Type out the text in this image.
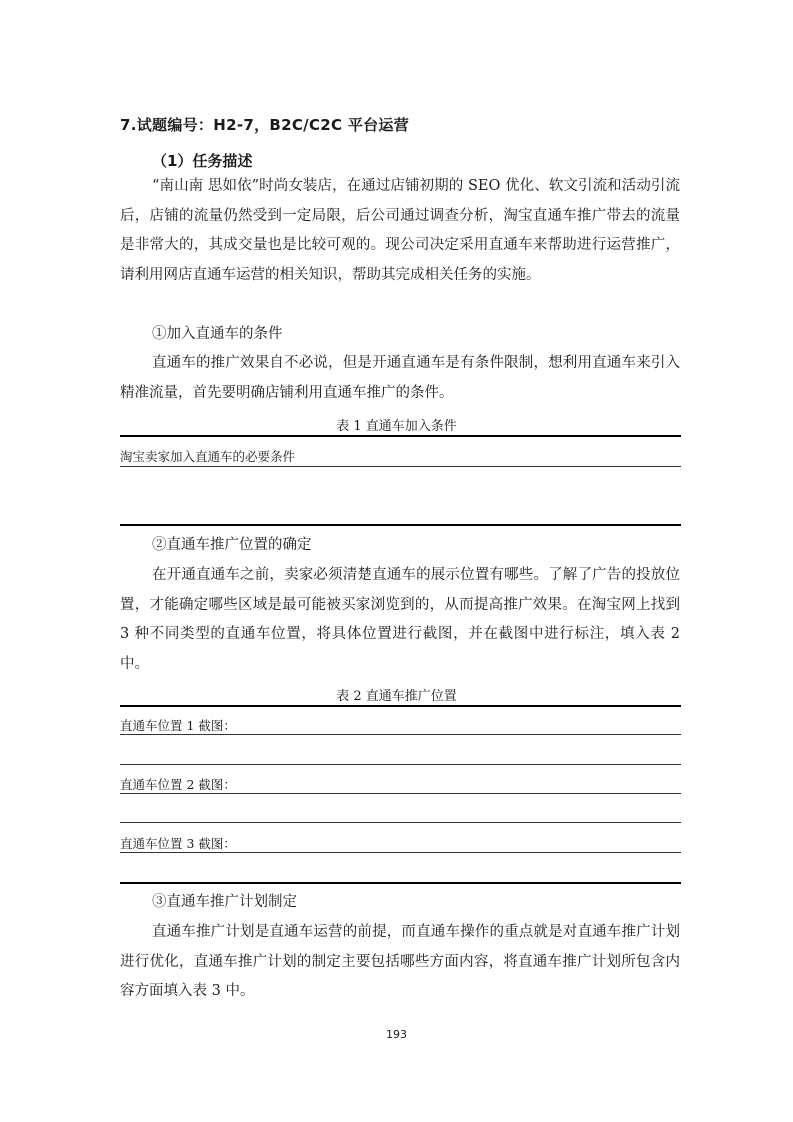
7.试题编号：H2-7，B2C/C2C 平台运营
（1）任务描述

“南山南 思如依”时尚女装店，在通过店铺初期的 SEO 优化、软文引流和活动引流后，店铺的流量仍然受到一定局限，后公司通过调查分析，淘宝直通车推广带去的流量是非常大的，其成交量也是比较可观的。现公司决定采用直通车来帮助进行运营推广，请利用网店直通车运营的相关知识，帮助其完成相关任务的实施。

①加入直通车的条件

直通车的推广效果自不必说，但是开通直通车是有条件限制，想利用直通车来引入精准流量，首先要明确店铺利用直通车推广的条件。

表 1 直通车加入条件
淘宝卖家加入直通车的必要条件
②直通车推广位置的确定

在开通直通车之前，卖家必须清楚直通车的展示位置有哪些。了解了广告的投放位置，才能确定哪些区域是最可能被买家浏览到的，从而提高推广效果。在淘宝网上找到 3 种不同类型的直通车位置，将具体位置进行截图，并在截图中进行标注，填入表 2 中。

表 2 直通车推广位置
直通车位置 1 截图：
直通车位置 2 截图：
直通车位置 3 截图：
③直通车推广计划制定

直通车推广计划是直通车运营的前提，而直通车操作的重点就是对直通车推广计划进行优化，直通车推广计划的制定主要包括哪些方面内容，将直通车推广计划所包含内容方面填入表 3 中。

193
